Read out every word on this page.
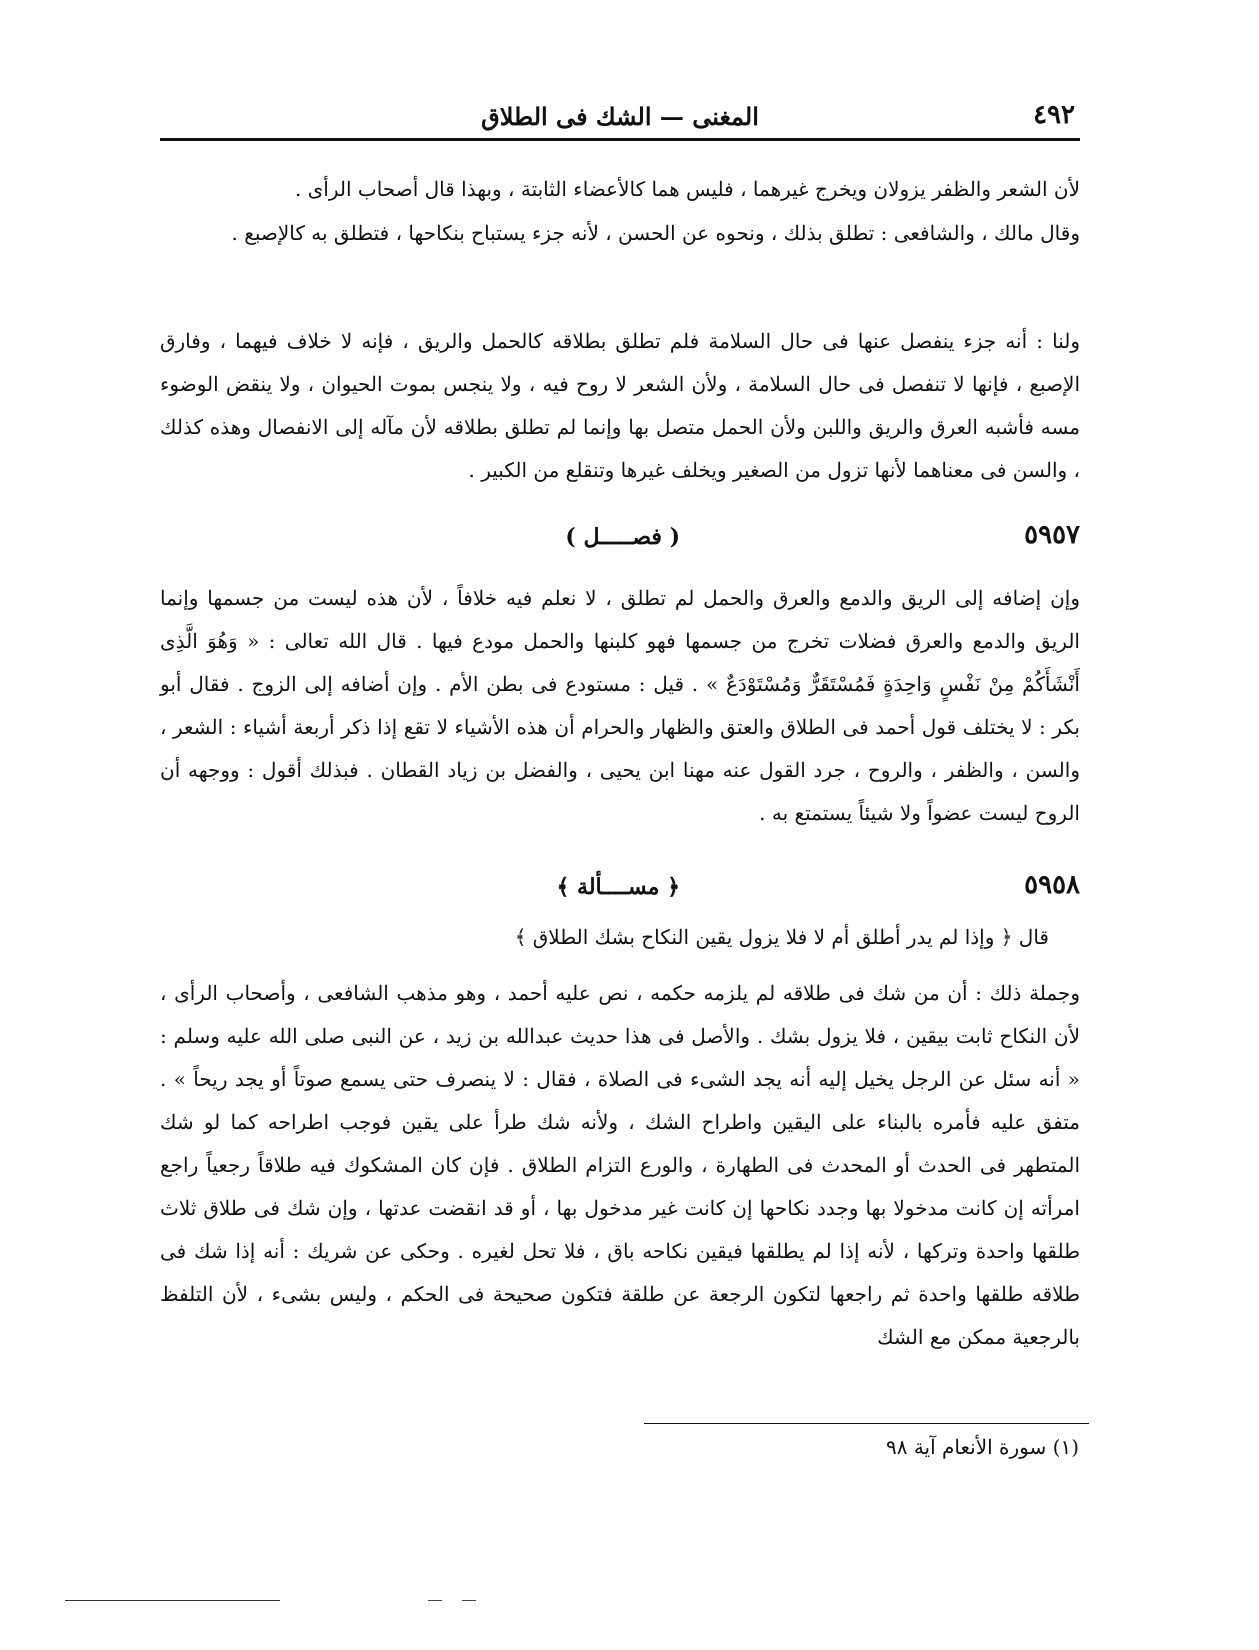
٤٩٢
المغنى — الشك فى الطلاق
لأن الشعر والظفر يزولان ويخرج غيرهما ، فليس هما كالأعضاء الثابتة ، وبهذا قال أصحاب الرأى .
وقال مالك ، والشافعى : تطلق بذلك ، ونحوه عن الحسن ، لأنه جزء يستباح بنكاحها ، فتطلق به كالإصبع .
ولنا : أنه جزء ينفصل عنها فى حال السلامة فلم تطلق بطلاقه كالحمل والريق ، فإنه لا خلاف فيهما ، وفارق الإصبع ، فإنها لا تنفصل فى حال السلامة ، ولأن الشعر لا روح فيه ، ولا ينجس بموت الحيوان ، ولا ينقض الوضوء مسه فأشبه العرق والريق واللبن ولأن الحمل متصل بها وإنما لم تطلق بطلاقه لأن مآله إلى الانفصال وهذه كذلك ، والسن فى معناهما لأنها تزول من الصغير ويخلف غيرها وتنقلع من الكبير .
٥٩٥٧
( فصـــــل )
وإن إضافه إلى الريق والدمع والعرق والحمل لم تطلق ، لا نعلم فيه خلافاً ، لأن هذه ليست من جسمها وإنما الريق والدمع والعرق فضلات تخرج من جسمها فهو كلبنها والحمل مودع فيها . قال الله تعالى : « وَهُوَ الَّذِى أَنْشَأَكُمْ مِنْ نَفْسٍ وَاحِدَةٍ فَمُسْتَقَرٌّ وَمُسْتَوْدَعٌ » . قيل : مستودع فى بطن الأم . وإن أضافه إلى الزوج . فقال أبو بكر : لا يختلف قول أحمد فى الطلاق والعتق والظهار والحرام أن هذه الأشياء لا تقع إذا ذكر أربعة أشياء : الشعر ، والسن ، والظفر ، والروح ، جرد القول عنه مهنا ابن يحيى ، والفضل بن زياد القطان . فبذلك أقول : ووجهه أن الروح ليست عضواً ولا شيئاً يستمتع به .
٥٩٥٨
﴿ مســــألة ﴾
قال ﴿ وإذا لم يدر أطلق أم لا فلا يزول يقين النكاح بشك الطلاق ﴾
وجملة ذلك : أن من شك فى طلاقه لم يلزمه حكمه ، نص عليه أحمد ، وهو مذهب الشافعى ، وأصحاب الرأى ، لأن النكاح ثابت بيقين ، فلا يزول بشك . والأصل فى هذا حديث عبدالله بن زيد ، عن النبى صلى الله عليه وسلم : « أنه سئل عن الرجل يخيل إليه أنه يجد الشىء فى الصلاة ، فقال : لا ينصرف حتى يسمع صوتاً أو يجد ريحاً » . متفق عليه فأمره بالبناء على اليقين واطراح الشك ، ولأنه شك طرأ على يقين فوجب اطراحه كما لو شك المتطهر فى الحدث أو المحدث فى الطهارة ، والورع التزام الطلاق . فإن كان المشكوك فيه طلاقاً رجعياً راجع امرأته إن كانت مدخولا بها وجدد نكاحها إن كانت غير مدخول بها ، أو قد انقضت عدتها ، وإن شك فى طلاق ثلاث طلقها واحدة وتركها ، لأنه إذا لم يطلقها فيقين نكاحه باق ، فلا تحل لغيره . وحكى عن شريك : أنه إذا شك فى طلاقه طلقها واحدة ثم راجعها لتكون الرجعة عن طلقة فتكون صحيحة فى الحكم ، وليس بشىء ، لأن التلفظ بالرجعية ممكن مع الشك
(١) سورة الأنعام آية ٩٨
